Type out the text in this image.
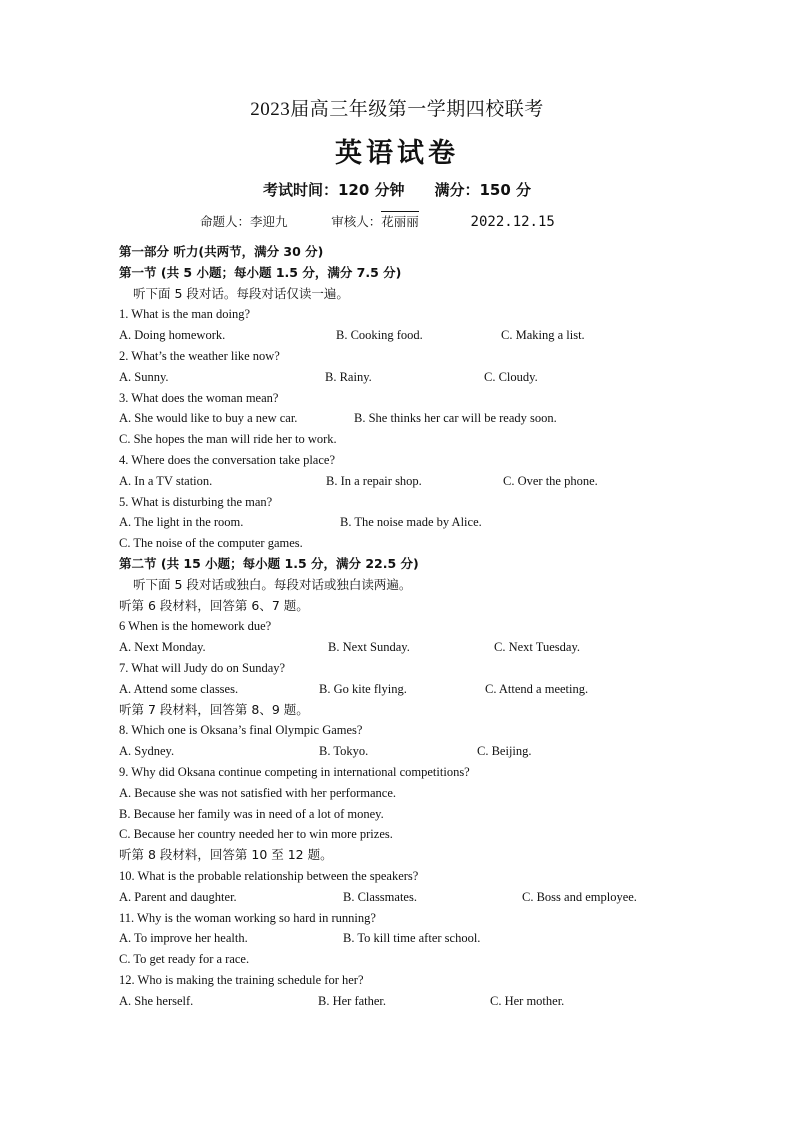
2023届高三年级第一学期四校联考
英语试卷
考试时间：120 分钟 满分：150 分
命题人：李迎九	审核人：花丽丽	2022.12.15
第一部分 听力(共两节，满分 30 分)
第一节 (共 5 小题；每小题 1.5 分，满分 7.5 分)
听下面 5 段对话。每段对话仅读一遍。
1. What is the man doing?
A. Doing homework.	B. Cooking food.	C. Making a list.
2. What’s the weather like now?
A. Sunny.	B. Rainy.	C. Cloudy.
3. What does the woman mean?
A. She would like to buy a new car.	B. She thinks her car will be ready soon.
C. She hopes the man will ride her to work.
4. Where does the conversation take place?
A. In a TV station.	B. In a repair shop.	C. Over the phone.
5. What is disturbing the man?
A. The light in the room.	B. The noise made by Alice.
C. The noise of the computer games.
第二节 (共 15 小题；每小题 1.5 分，满分 22.5 分)
听下面 5 段对话或独白。每段对话或独白读两遍。
听第 6 段材料，回答第 6、7 题。
6 When is the homework due?
A. Next Monday.	B. Next Sunday.	C. Next Tuesday.
7. What will Judy do on Sunday?
A. Attend some classes.	B. Go kite flying.	C. Attend a meeting.
听第 7 段材料，回答第 8、9 题。
8. Which one is Oksana’s final Olympic Games?
A. Sydney.	B. Tokyo.	C. Beijing.
9. Why did Oksana continue competing in international competitions?
A. Because she was not satisfied with her performance.
B. Because her family was in need of a lot of money.
C. Because her country needed her to win more prizes.
听第 8 段材料，回答第 10 至 12 题。
10. What is the probable relationship between the speakers?
A. Parent and daughter.	B. Classmates.	C. Boss and employee.
11. Why is the woman working so hard in running?
A. To improve her health.	B. To kill time after school.
C. To get ready for a race.
12. Who is making the training schedule for her?
A. She herself.	B. Her father.	C. Her mother.
